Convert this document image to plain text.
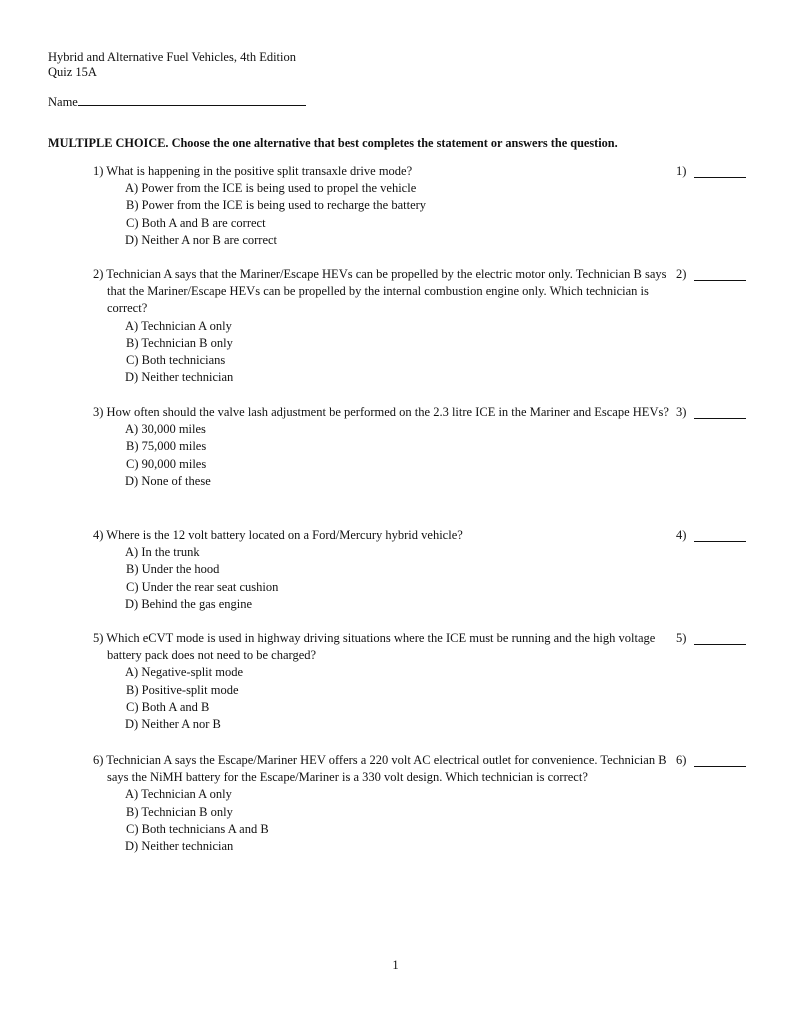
Hybrid and Alternative Fuel Vehicles, 4th Edition
Quiz 15A
Name
MULTIPLE CHOICE. Choose the one alternative that best completes the statement or answers the question.
1) What is happening in the positive split transaxle drive mode?
A) Power from the ICE is being used to propel the vehicle
B) Power from the ICE is being used to recharge the battery
C) Both A and B are correct
D) Neither A nor B are correct
1)
2) Technician A says that the Mariner/Escape HEVs can be propelled by the electric motor only. Technician B says that the Mariner/Escape HEVs can be propelled by the internal combustion engine only. Which technician is correct?
A) Technician A only
B) Technician B only
C) Both technicians
D) Neither technician
2)
3) How often should the valve lash adjustment be performed on the 2.3 litre ICE in the Mariner and Escape HEVs?
A) 30,000 miles
B) 75,000 miles
C) 90,000 miles
D) None of these
3)
4) Where is the 12 volt battery located on a Ford/Mercury hybrid vehicle?
A) In the trunk
B) Under the hood
C) Under the rear seat cushion
D) Behind the gas engine
4)
5) Which eCVT mode is used in highway driving situations where the ICE must be running and the high voltage battery pack does not need to be charged?
A) Negative-split mode
B) Positive-split mode
C) Both A and B
D) Neither A nor B
5)
6) Technician A says the Escape/Mariner HEV offers a 220 volt AC electrical outlet for convenience. Technician B says the NiMH battery for the Escape/Mariner is a 330 volt design. Which technician is correct?
A) Technician A only
B) Technician B only
C) Both technicians A and B
D) Neither technician
6)
1
